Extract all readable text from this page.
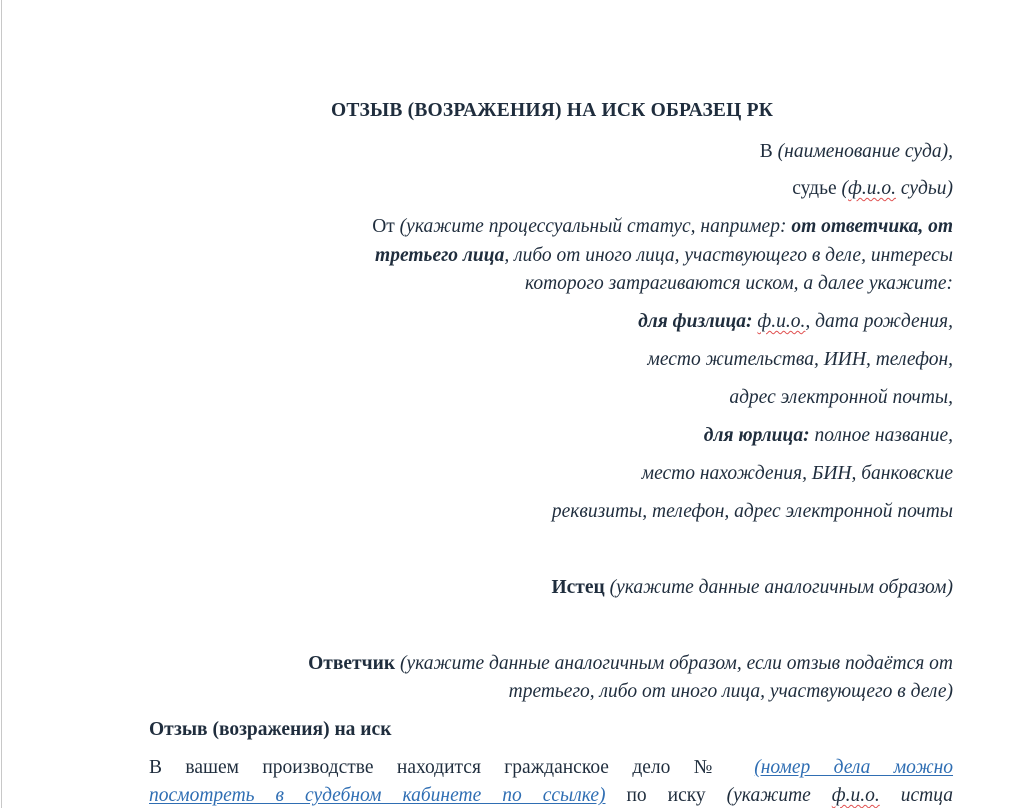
ОТЗЫВ (ВОЗРАЖЕНИЯ) НА ИСК ОБРАЗЕЦ РК
В (наименование суда),
судье (ф.и.о. судьи)
От (укажите процессуальный статус, например: от ответчика, от
третьего лица, либо от иного лица, участвующего в деле, интересы
которого затрагиваются иском, а далее укажите:
для физлица: ф.и.о., дата рождения,
место жительства, ИИН, телефон,
адрес электронной почты,
для юрлица: полное название,
место нахождения, БИН, банковские
реквизиты, телефон, адрес электронной почты
Истец (укажите данные аналогичным образом)
Ответчик (укажите данные аналогичным образом, если отзыв подаётся от
третьего, либо от иного лица, участвующего в деле)
Отзыв (возражения) на иск
В вашем производстве находится гражданское дело № (номер дела можно
посмотреть в судебном кабинете по ссылке) по иску (укажите ф.и.о. истца
